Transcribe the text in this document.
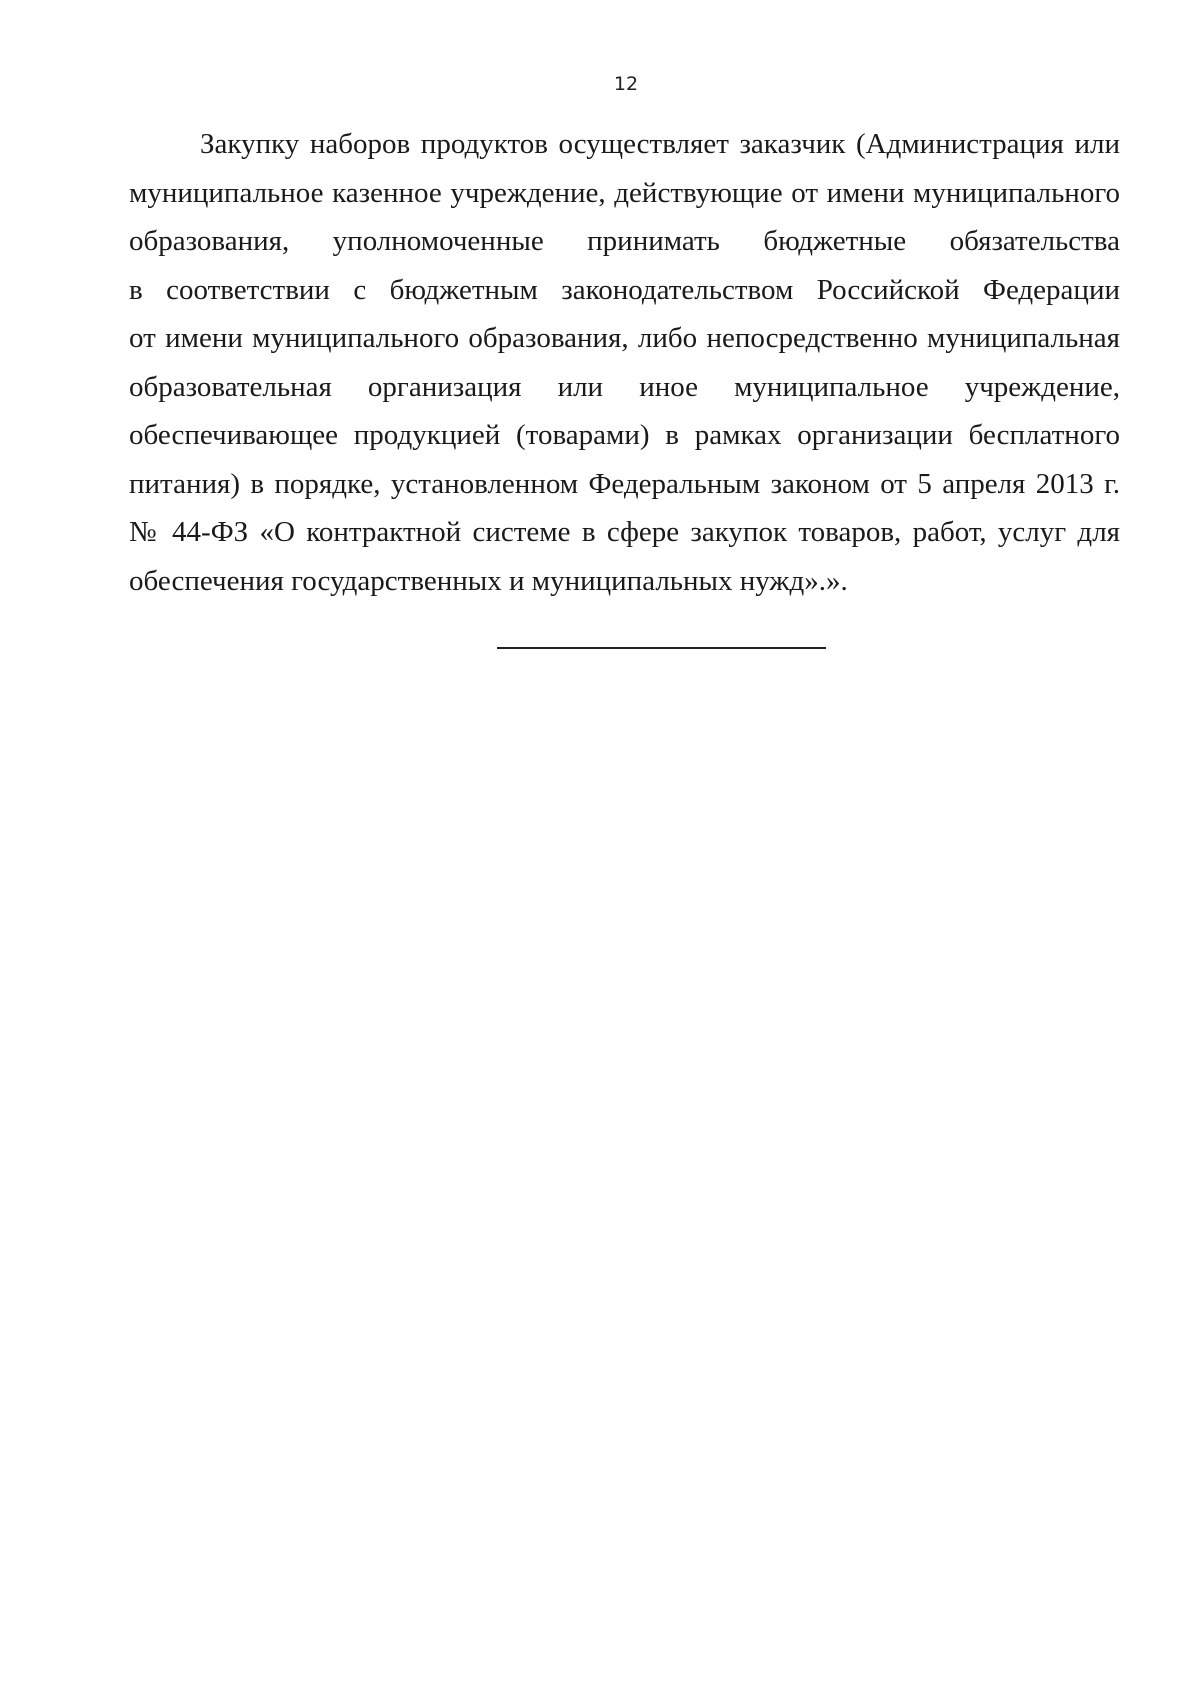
12
Закупку наборов продуктов осуществляет заказчик (Администрация или
муниципальное казенное учреждение, действующие от имени муниципального
образования, уполномоченные принимать бюджетные обязательства
в соответствии с бюджетным законодательством Российской Федерации
от имени муниципального образования, либо непосредственно муниципальная
образовательная организация или иное муниципальное учреждение,
обеспечивающее продукцией (товарами) в рамках организации бесплатного
питания) в порядке, установленном Федеральным законом от 5 апреля 2013 г.
№ 44-ФЗ «О контрактной системе в сфере закупок товаров, работ, услуг для
обеспечения государственных и муниципальных нужд».».
